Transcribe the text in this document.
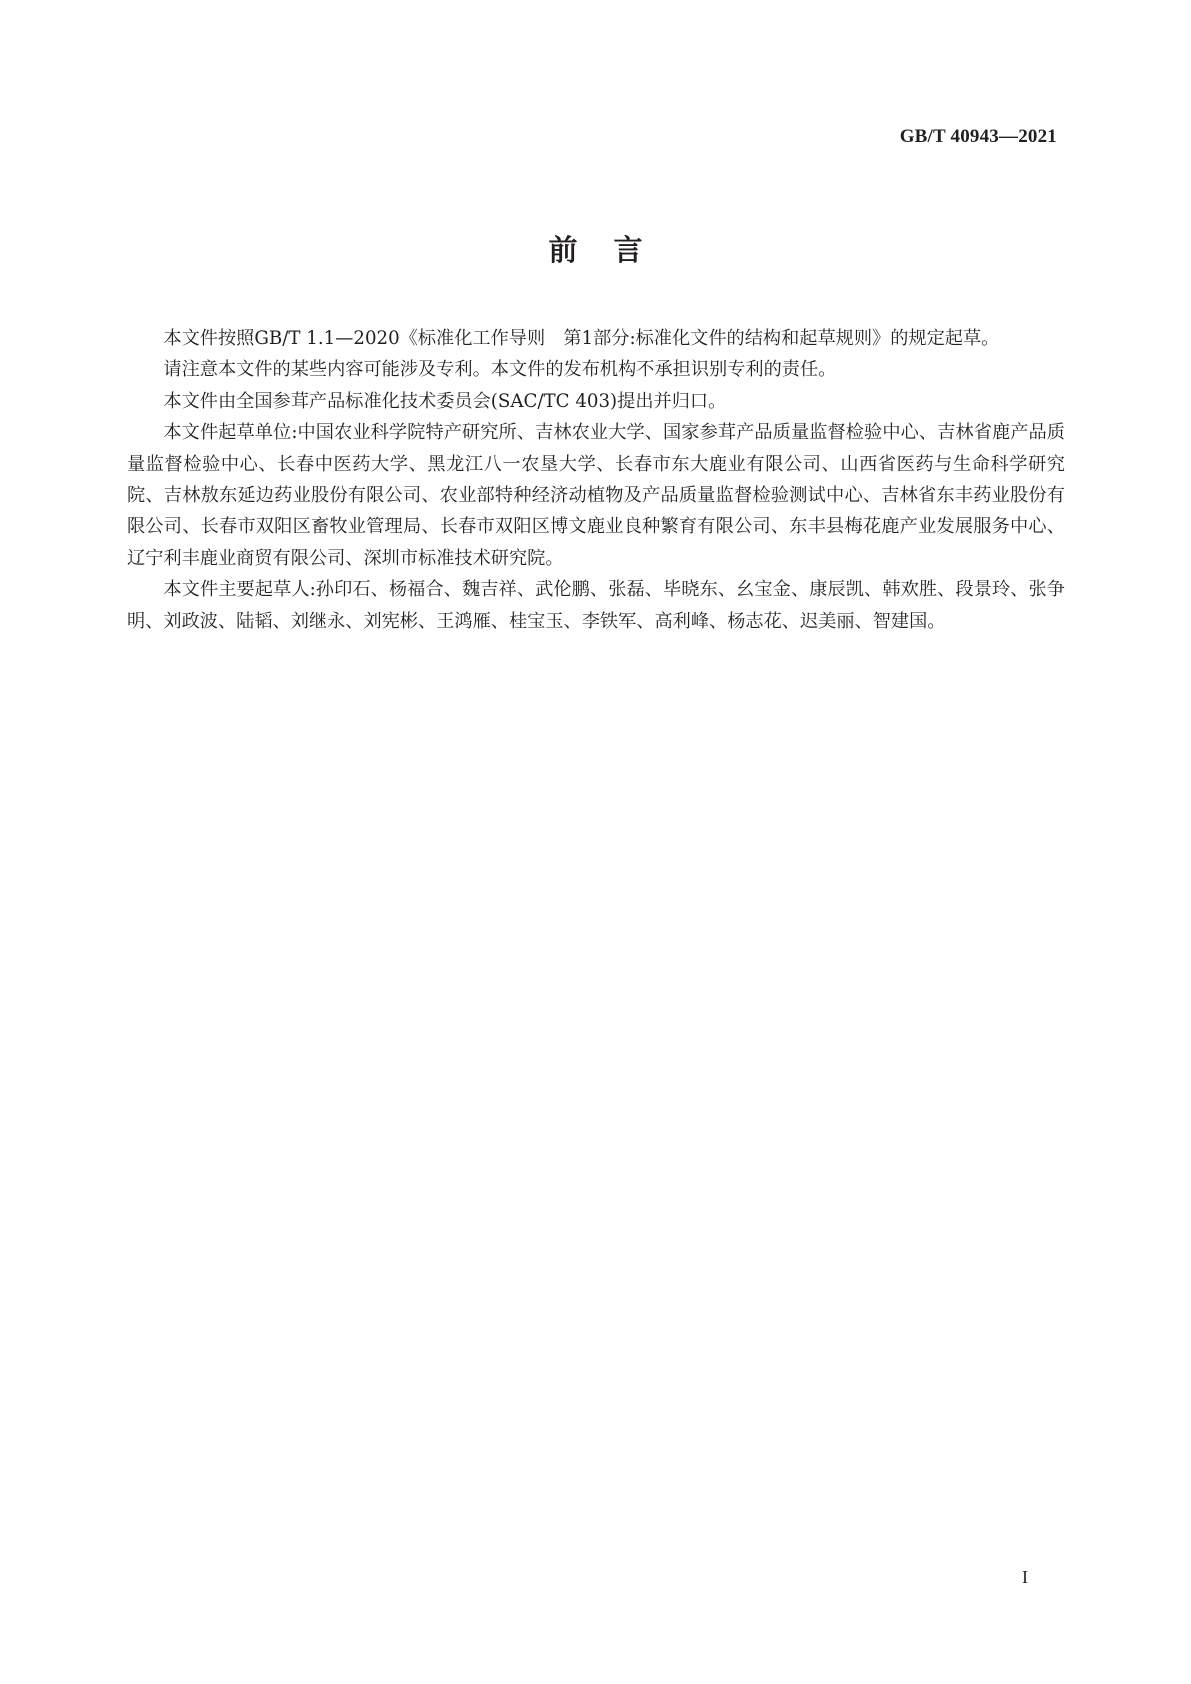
GB/T 40943—2021
前言

本文件按照GB/T 1.1—2020《标准化工作导则　第1部分:标准化文件的结构和起草规则》的规定起草。

请注意本文件的某些内容可能涉及专利。本文件的发布机构不承担识别专利的责任。

本文件由全国参茸产品标准化技术委员会(SAC/TC 403)提出并归口。

本文件起草单位:中国农业科学院特产研究所、吉林农业大学、国家参茸产品质量监督检验中心、吉林省鹿产品质量监督检验中心、长春中医药大学、黑龙江八一农垦大学、长春市东大鹿业有限公司、山西省医药与生命科学研究院、吉林敖东延边药业股份有限公司、农业部特种经济动植物及产品质量监督检验测试中心、吉林省东丰药业股份有限公司、长春市双阳区畜牧业管理局、长春市双阳区博文鹿业良种繁育有限公司、东丰县梅花鹿产业发展服务中心、辽宁利丰鹿业商贸有限公司、深圳市标准技术研究院。

本文件主要起草人:孙印石、杨福合、魏吉祥、武伦鹏、张磊、毕晓东、幺宝金、康辰凯、韩欢胜、段景玲、张争明、刘政波、陆韬、刘继永、刘宪彬、王鸿雁、桂宝玉、李铁军、高利峰、杨志花、迟美丽、智建国。

I
